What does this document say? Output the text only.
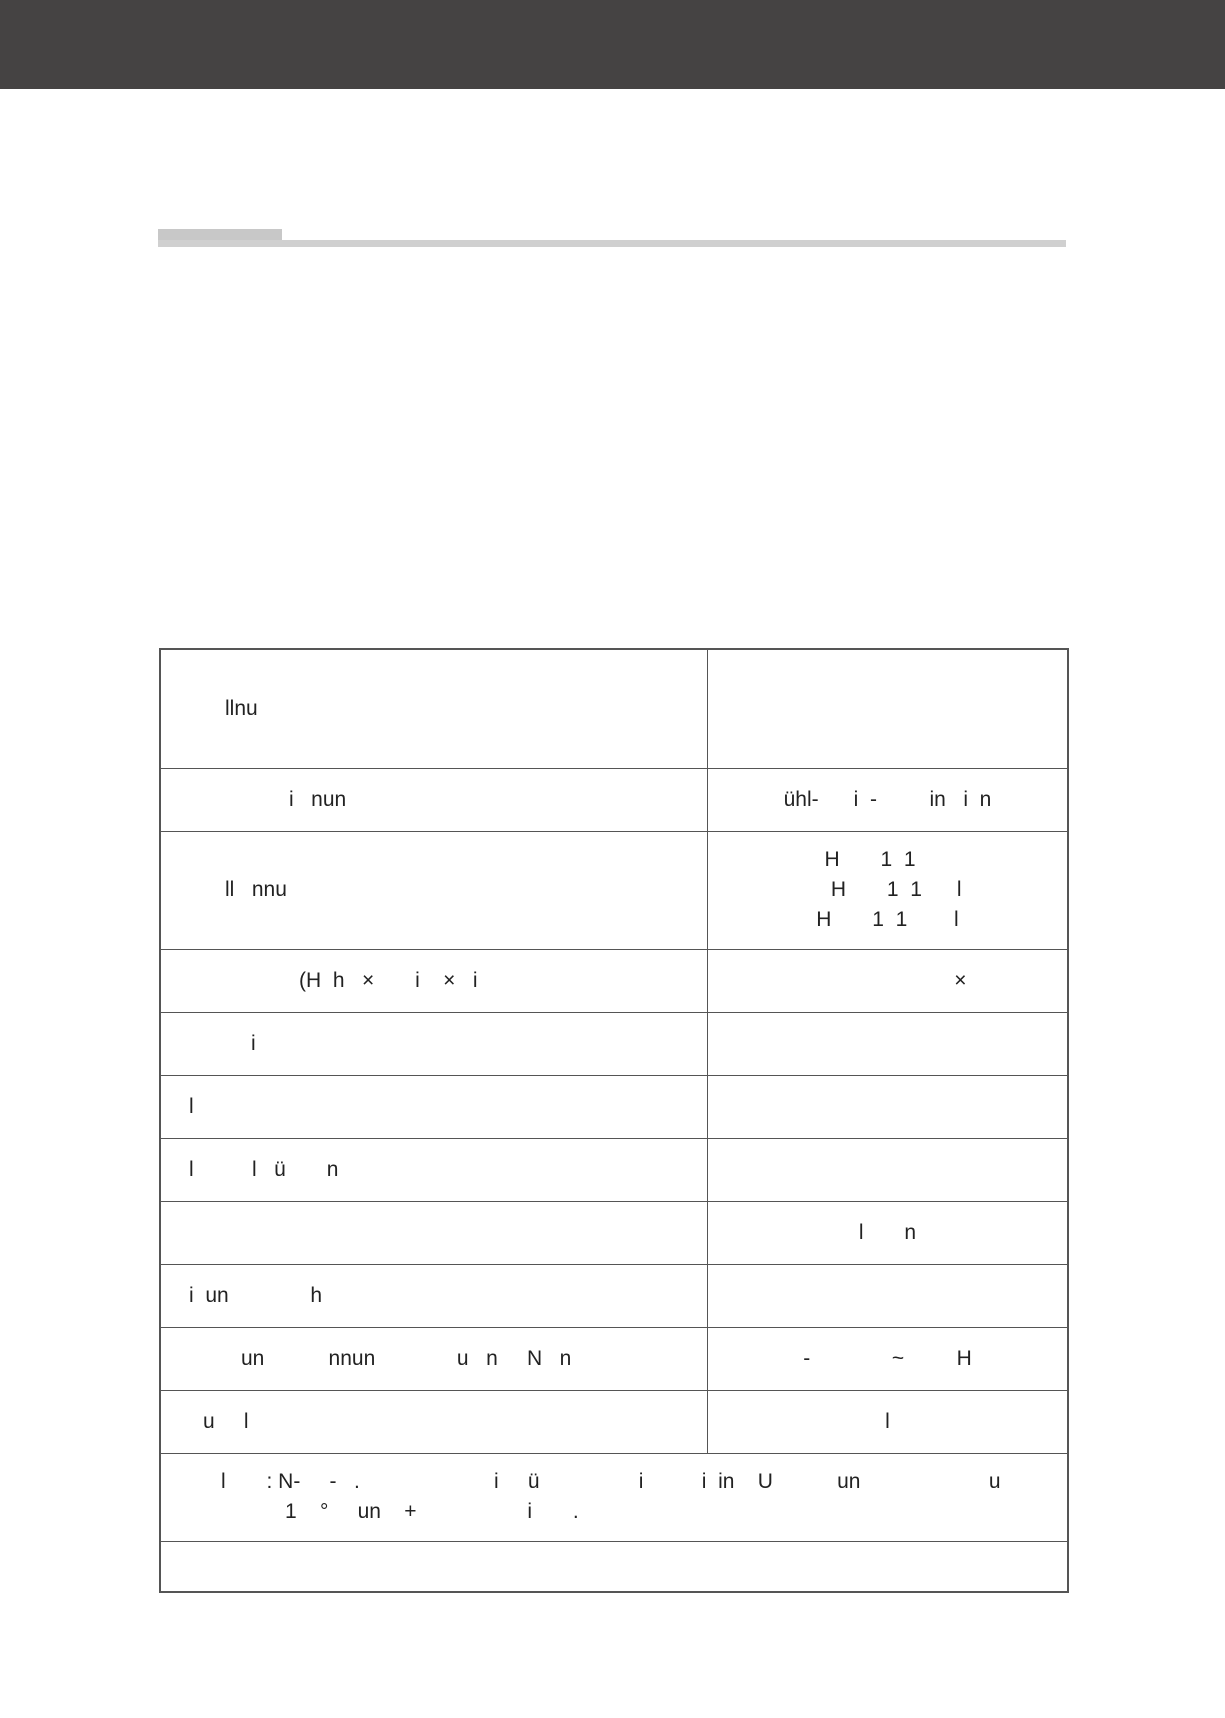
llnu	
i   nun	ühl-      i  -         in   i  n
ll   nnu	H       1  1
H       1  1      l
H       1  1        l

(H  h   ×       i    ×   i	×
i	
l	
l          l   ü       n	
	l       n
i  un              h	
un           nnun              u   n     N   n	-              ~         H
u     l	l

l       : N-     -   .                       i     ü                 i          i  in    U           un                      u
1    °     un    +                   i       .	
